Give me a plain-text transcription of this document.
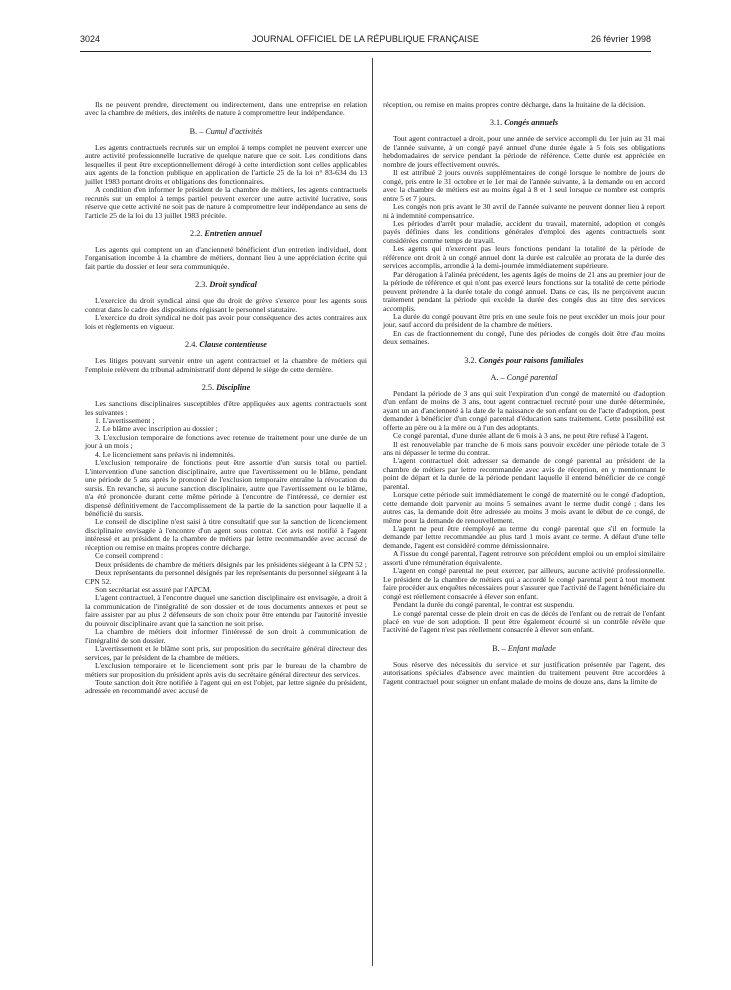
3024	JOURNAL OFFICIEL DE LA RÉPUBLIQUE FRANÇAISE	26 février 1998

Ils ne peuvent prendre, directement ou indirectement, dans une entreprise en relation avec la chambre de métiers, des intérêts de nature à compromettre leur indépendance.

B. – Cumul d'activités

Les agents contractuels recrutés sur un emploi à temps complet ne peuvent exercer une autre activité professionnelle lucrative de quelque nature que ce soit. Les conditions dans lesquelles il peut être exceptionnellement dérogé à cette interdiction sont celles applicables aux agents de la fonction publique en application de l'article 25 de la loi n° 83-634 du 13 juillet 1983 portant droits et obligations des fonctionnaires.

A condition d'en informer le président de la chambre de métiers, les agents contractuels recrutés sur un emploi à temps partiel peuvent exercer une autre activité lucrative, sous réserve que cette activité ne soit pas de nature à compromettre leur indépendance au sens de l'article 25 de la loi du 13 juillet 1983 précitée.

2.2. Entretien annuel

Les agents qui comptent un an d'ancienneté bénéficient d'un entretien individuel, dont l'organisation incombe à la chambre de métiers, donnant lieu à une appréciation écrite qui fait partie du dossier et leur sera communiquée.

2.3. Droit syndical

L'exercice du droit syndical ainsi que du droit de grève s'exerce pour les agents sous contrat dans le cadre des dispositions régissant le personnel statutaire.

L'exercice du droit syndical ne doit pas avoir pour conséquence des actes contraires aux lois et règlements en vigueur.

2.4. Clause contentieuse

Les litiges pouvant survenir entre un agent contractuel et la chambre de métiers qui l'emploie relèvent du tribunal administratif dont dépend le siège de cette dernière.

2.5. Discipline

Les sanctions disciplinaires susceptibles d'être appliquées aux agents contractuels sont les suivantes :

1. L'avertissement ;

2. Le blâme avec inscription au dossier ;

3. L'exclusion temporaire de fonctions avec retenue de traitement pour une durée de un jour à un mois ;

4. Le licenciement sans préavis ni indemnités.

L'exclusion temporaire de fonctions peut être assortie d'un sursis total ou partiel. L'intervention d'une sanction disciplinaire, autre que l'avertissement ou le blâme, pendant une période de 5 ans après le prononcé de l'exclusion temporaire entraîne la révocation du sursis. En revanche, si aucune sanction disciplinaire, autre que l'avertissement ou le blâme, n'a été prononcée durant cette même période à l'encontre de l'intéressé, ce dernier est dispensé définitivement de l'accomplissement de la partie de la sanction pour laquelle il a bénéficié du sursis.

Le conseil de discipline n'est saisi à titre consultatif que sur la sanction de licenciement disciplinaire envisagée à l'encontre d'un agent sous contrat. Cet avis est notifié à l'agent intéressé et au président de la chambre de métiers par lettre recommandée avec accusé de réception ou remise en mains propres contre décharge.

Ce conseil comprend :

Deux présidents de chambre de métiers désignés par les présidents siégeant à la CPN 52 ;

Deux représentants du personnel désignés par les représentants du personnel siégeant à la CPN 52.

Son secrétariat est assuré par l'APCM.

L'agent contractuel, à l'encontre duquel une sanction disciplinaire est envisagée, a droit à la communication de l'intégralité de son dossier et de tous documents annexes et peut se faire assister par au plus 2 défenseurs de son choix pour être entendu par l'autorité investie du pouvoir disciplinaire avant que la sanction ne soit prise.

La chambre de métiers doit informer l'intéressé de son droit à communication de l'intégralité de son dossier.

L'avertissement et le blâme sont pris, sur proposition du secrétaire général directeur des services, par le président de la chambre de métiers.

L'exclusion temporaire et le licenciement sont pris par le bureau de la chambre de métiers sur proposition du président après avis du secrétaire général directeur des services.

Toute sanction doit être notifiée à l'agent qui en est l'objet, par lettre signée du président, adressée en recommandé avec accusé de

réception, ou remise en mains propres contre décharge, dans la huitaine de la décision.

3.1. Congés annuels

Tout agent contractuel a droit, pour une année de service accompli du 1er juin au 31 mai de l'année suivante, à un congé payé annuel d'une durée égale à 5 fois ses obligations hebdomadaires de service pendant la période de référence. Cette durée est appréciée en nombre de jours effectivement ouvrés.

Il est attribué 2 jours ouvrés supplémentaires de congé lorsque le nombre de jours de congé, pris entre le 31 octobre et le 1er mai de l'année suivante, à la demande ou en accord avec la chambre de métiers est au moins égal à 8 et 1 seul lorsque ce nombre est compris entre 5 et 7 jours.

Les congés non pris avant le 30 avril de l'année suivante ne peuvent donner lieu à report ni à indemnité compensatrice.

Les périodes d'arrêt pour maladie, accident du travail, maternité, adoption et congés payés définies dans les conditions générales d'emploi des agents contractuels sont considérées comme temps de travail.

Les agents qui n'exercent pas leurs fonctions pendant la totalité de la période de référence ont droit à un congé annuel dont la durée est calculée au prorata de la durée des services accomplis, arrondie à la demi-journée immédiatement supérieure.

Par dérogation à l'alinéa précédent, les agents âgés de moins de 21 ans au premier jour de la période de référence et qui n'ont pas exercé leurs fonctions sur la totalité de cette période peuvent prétendre à la durée totale du congé annuel. Dans ce cas, ils ne perçoivent aucun traitement pendant la période qui excède la durée des congés dus au titre des services accomplis.

La durée du congé pouvant être pris en une seule fois ne peut excéder un mois jour pour jour, sauf accord du président de la chambre de métiers.

En cas de fractionnement du congé, l'une des périodes de congés doit être d'au moins deux semaines.

3.2. Congés pour raisons familiales
A. – Congé parental

Pendant la période de 3 ans qui suit l'expiration d'un congé de maternité ou d'adoption d'un enfant de moins de 3 ans, tout agent contractuel recruté pour une durée déterminée, ayant un an d'ancienneté à la date de la naissance de son enfant ou de l'acte d'adoption, peut demander à bénéficier d'un congé parental d'éducation sans traitement. Cette possibilité est offerte au père ou à la mère ou à l'un des adoptants.

Ce congé parental, d'une durée allant de 6 mois à 3 ans, ne peut être refusé à l'agent.

Il est renouvelable par tranche de 6 mois sans pouvoir excéder une période totale de 3 ans ni dépasser le terme du contrat.

L'agent contractuel doit adresser sa demande de congé parental au président de la chambre de métiers par lettre recommandée avec avis de réception, en y mentionnant le point de départ et la durée de la période pendant laquelle il entend bénéficier de ce congé parental.

Lorsque cette période suit immédiatement le congé de maternité ou le congé d'adoption, cette demande doit parvenir au moins 5 semaines avant le terme dudit congé ; dans les autres cas, la demande doit être adressée au moins 3 mois avant le début de ce congé, de même pour la demande de renouvellement.

L'agent ne peut être réemployé au terme du congé parental que s'il en formule la demande par lettre recommandée au plus tard 1 mois avant ce terme. A défaut d'une telle demande, l'agent est considéré comme démissionnaire.

A l'issue du congé parental, l'agent retrouve son précédent emploi ou un emploi similaire assorti d'une rémunération équivalente.

L'agent en congé parental ne peut exercer, par ailleurs, aucune activité professionnelle. Le président de la chambre de métiers qui a accordé le congé parental peut à tout moment faire procéder aux enquêtes nécessaires pour s'assurer que l'activité de l'agent bénéficiaire du congé est réellement consacrée à élever son enfant.

Pendant la durée du congé parental, le contrat est suspendu.

Le congé parental cesse de plein droit en cas de décès de l'enfant ou de retrait de l'enfant placé en vue de son adoption. Il peut être également écourté si un contrôle révèle que l'activité de l'agent n'est pas réellement consacrée à élever son enfant.

B. – Enfant malade

Sous réserve des nécessités du service et sur justification présentée par l'agent, des autorisations spéciales d'absence avec maintien du traitement peuvent être accordées à l'agent contractuel pour soigner un enfant malade de moins de douze ans, dans la limite de
